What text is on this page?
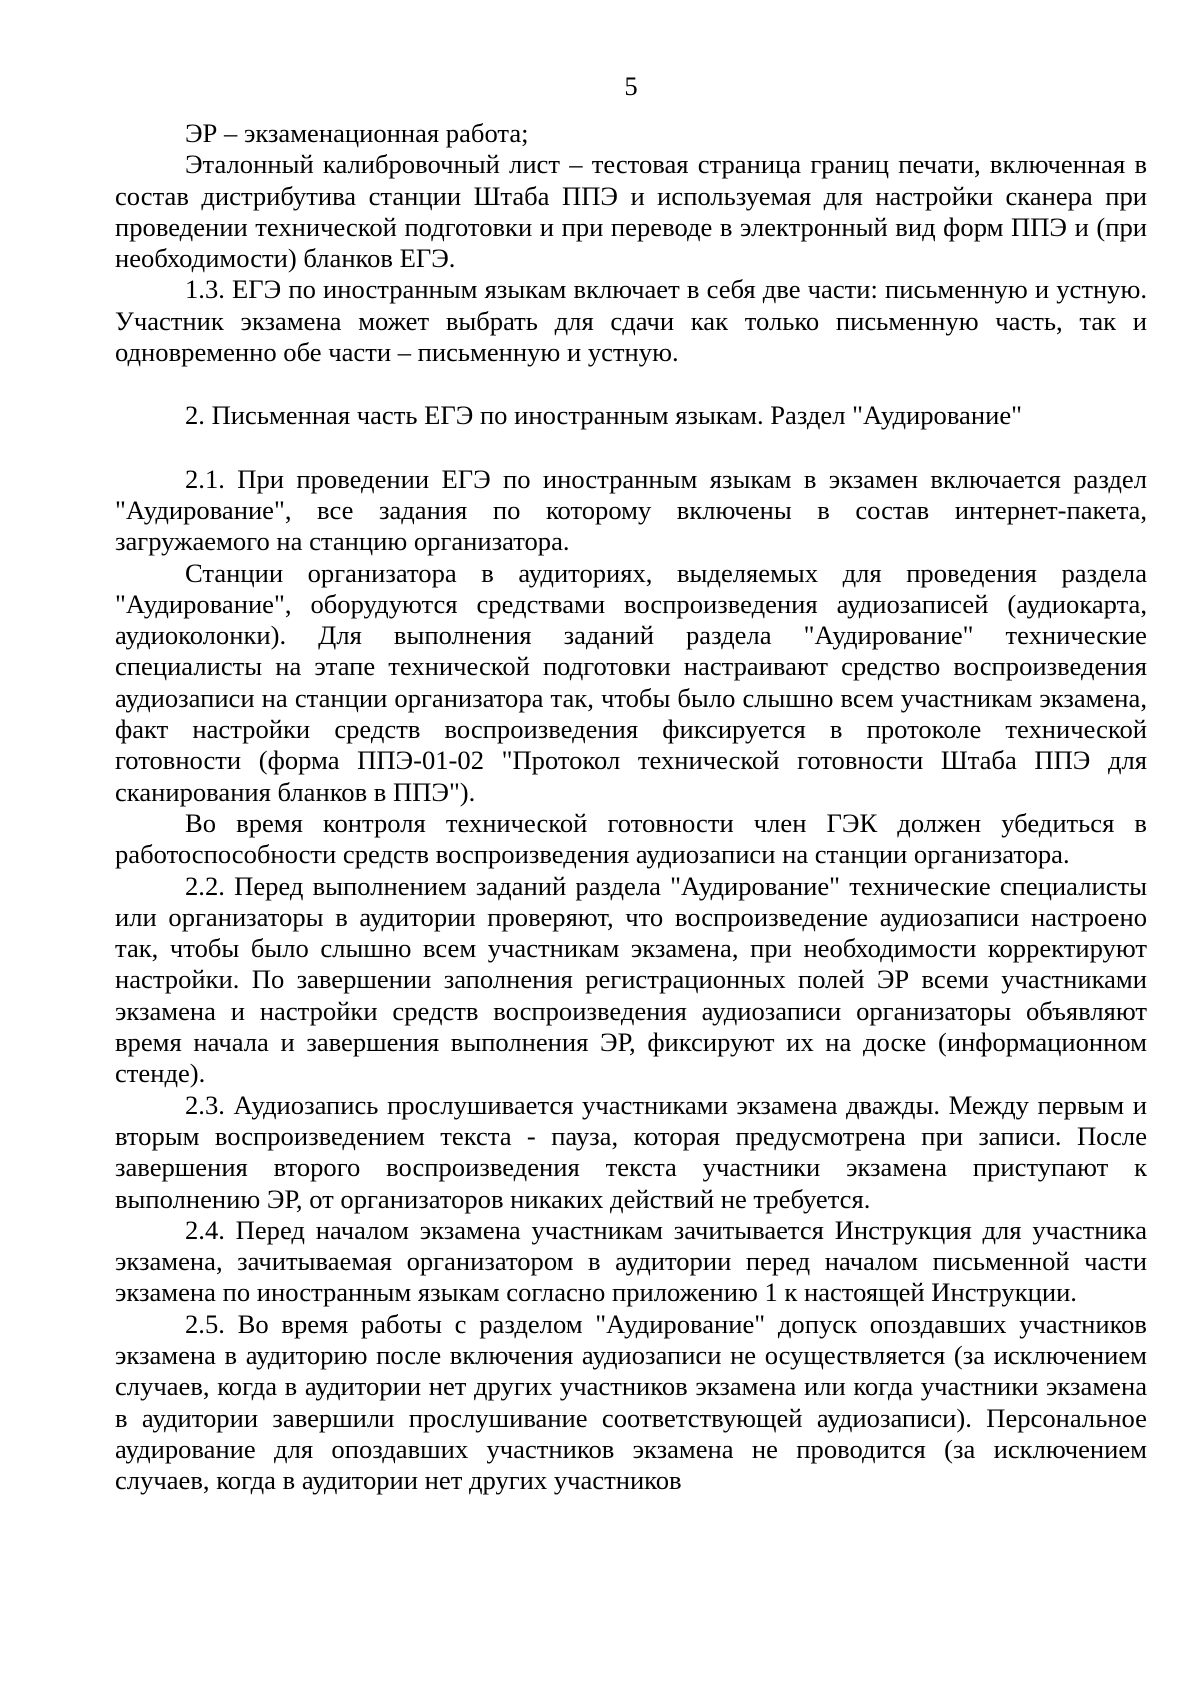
5

ЭР – экзаменационная работа;

Эталонный калибровочный лист – тестовая страница границ печати, включенная в состав дистрибутива станции Штаба ППЭ и используемая для настройки сканера при проведении технической подготовки и при переводе в электронный вид форм ППЭ и (при необходимости) бланков ЕГЭ.

1.3. ЕГЭ по иностранным языкам включает в себя две части: письменную и устную. Участник экзамена может выбрать для сдачи как только письменную часть, так и одновременно обе части – письменную и устную.

2. Письменная часть ЕГЭ по иностранным языкам. Раздел "Аудирование"

2.1. При проведении ЕГЭ по иностранным языкам в экзамен включается раздел "Аудирование", все задания по которому включены в состав интернет-пакета, загружаемого на станцию организатора.

Станции организатора в аудиториях, выделяемых для проведения раздела "Аудирование", оборудуются средствами воспроизведения аудиозаписей (аудиокарта, аудиоколонки). Для выполнения заданий раздела "Аудирование" технические специалисты на этапе технической подготовки настраивают средство воспроизведения аудиозаписи на станции организатора так, чтобы было слышно всем участникам экзамена, факт настройки средств воспроизведения фиксируется в протоколе технической готовности (форма ППЭ-01-02 "Протокол технической готовности Штаба ППЭ для сканирования бланков в ППЭ").

Во время контроля технической готовности член ГЭК должен убедиться в работоспособности средств воспроизведения аудиозаписи на станции организатора.

2.2. Перед выполнением заданий раздела "Аудирование" технические специалисты или организаторы в аудитории проверяют, что воспроизведение аудиозаписи настроено так, чтобы было слышно всем участникам экзамена, при необходимости корректируют настройки. По завершении заполнения регистрационных полей ЭР всеми участниками экзамена и настройки средств воспроизведения аудиозаписи организаторы объявляют время начала и завершения выполнения ЭР, фиксируют их на доске (информационном стенде).

2.3. Аудиозапись прослушивается участниками экзамена дважды. Между первым и вторым воспроизведением текста - пауза, которая предусмотрена при записи. После завершения второго воспроизведения текста участники экзамена приступают к выполнению ЭР, от организаторов никаких действий не требуется.

2.4. Перед началом экзамена участникам зачитывается Инструкция для участника экзамена, зачитываемая организатором в аудитории перед началом письменной части экзамена по иностранным языкам согласно приложению 1 к настоящей Инструкции.

2.5. Во время работы с разделом "Аудирование" допуск опоздавших участников экзамена в аудиторию после включения аудиозаписи не осуществляется (за исключением случаев, когда в аудитории нет других участников экзамена или когда участники экзамена в аудитории завершили прослушивание соответствующей аудиозаписи). Персональное аудирование для опоздавших участников экзамена не проводится (за исключением случаев, когда в аудитории нет других участников
